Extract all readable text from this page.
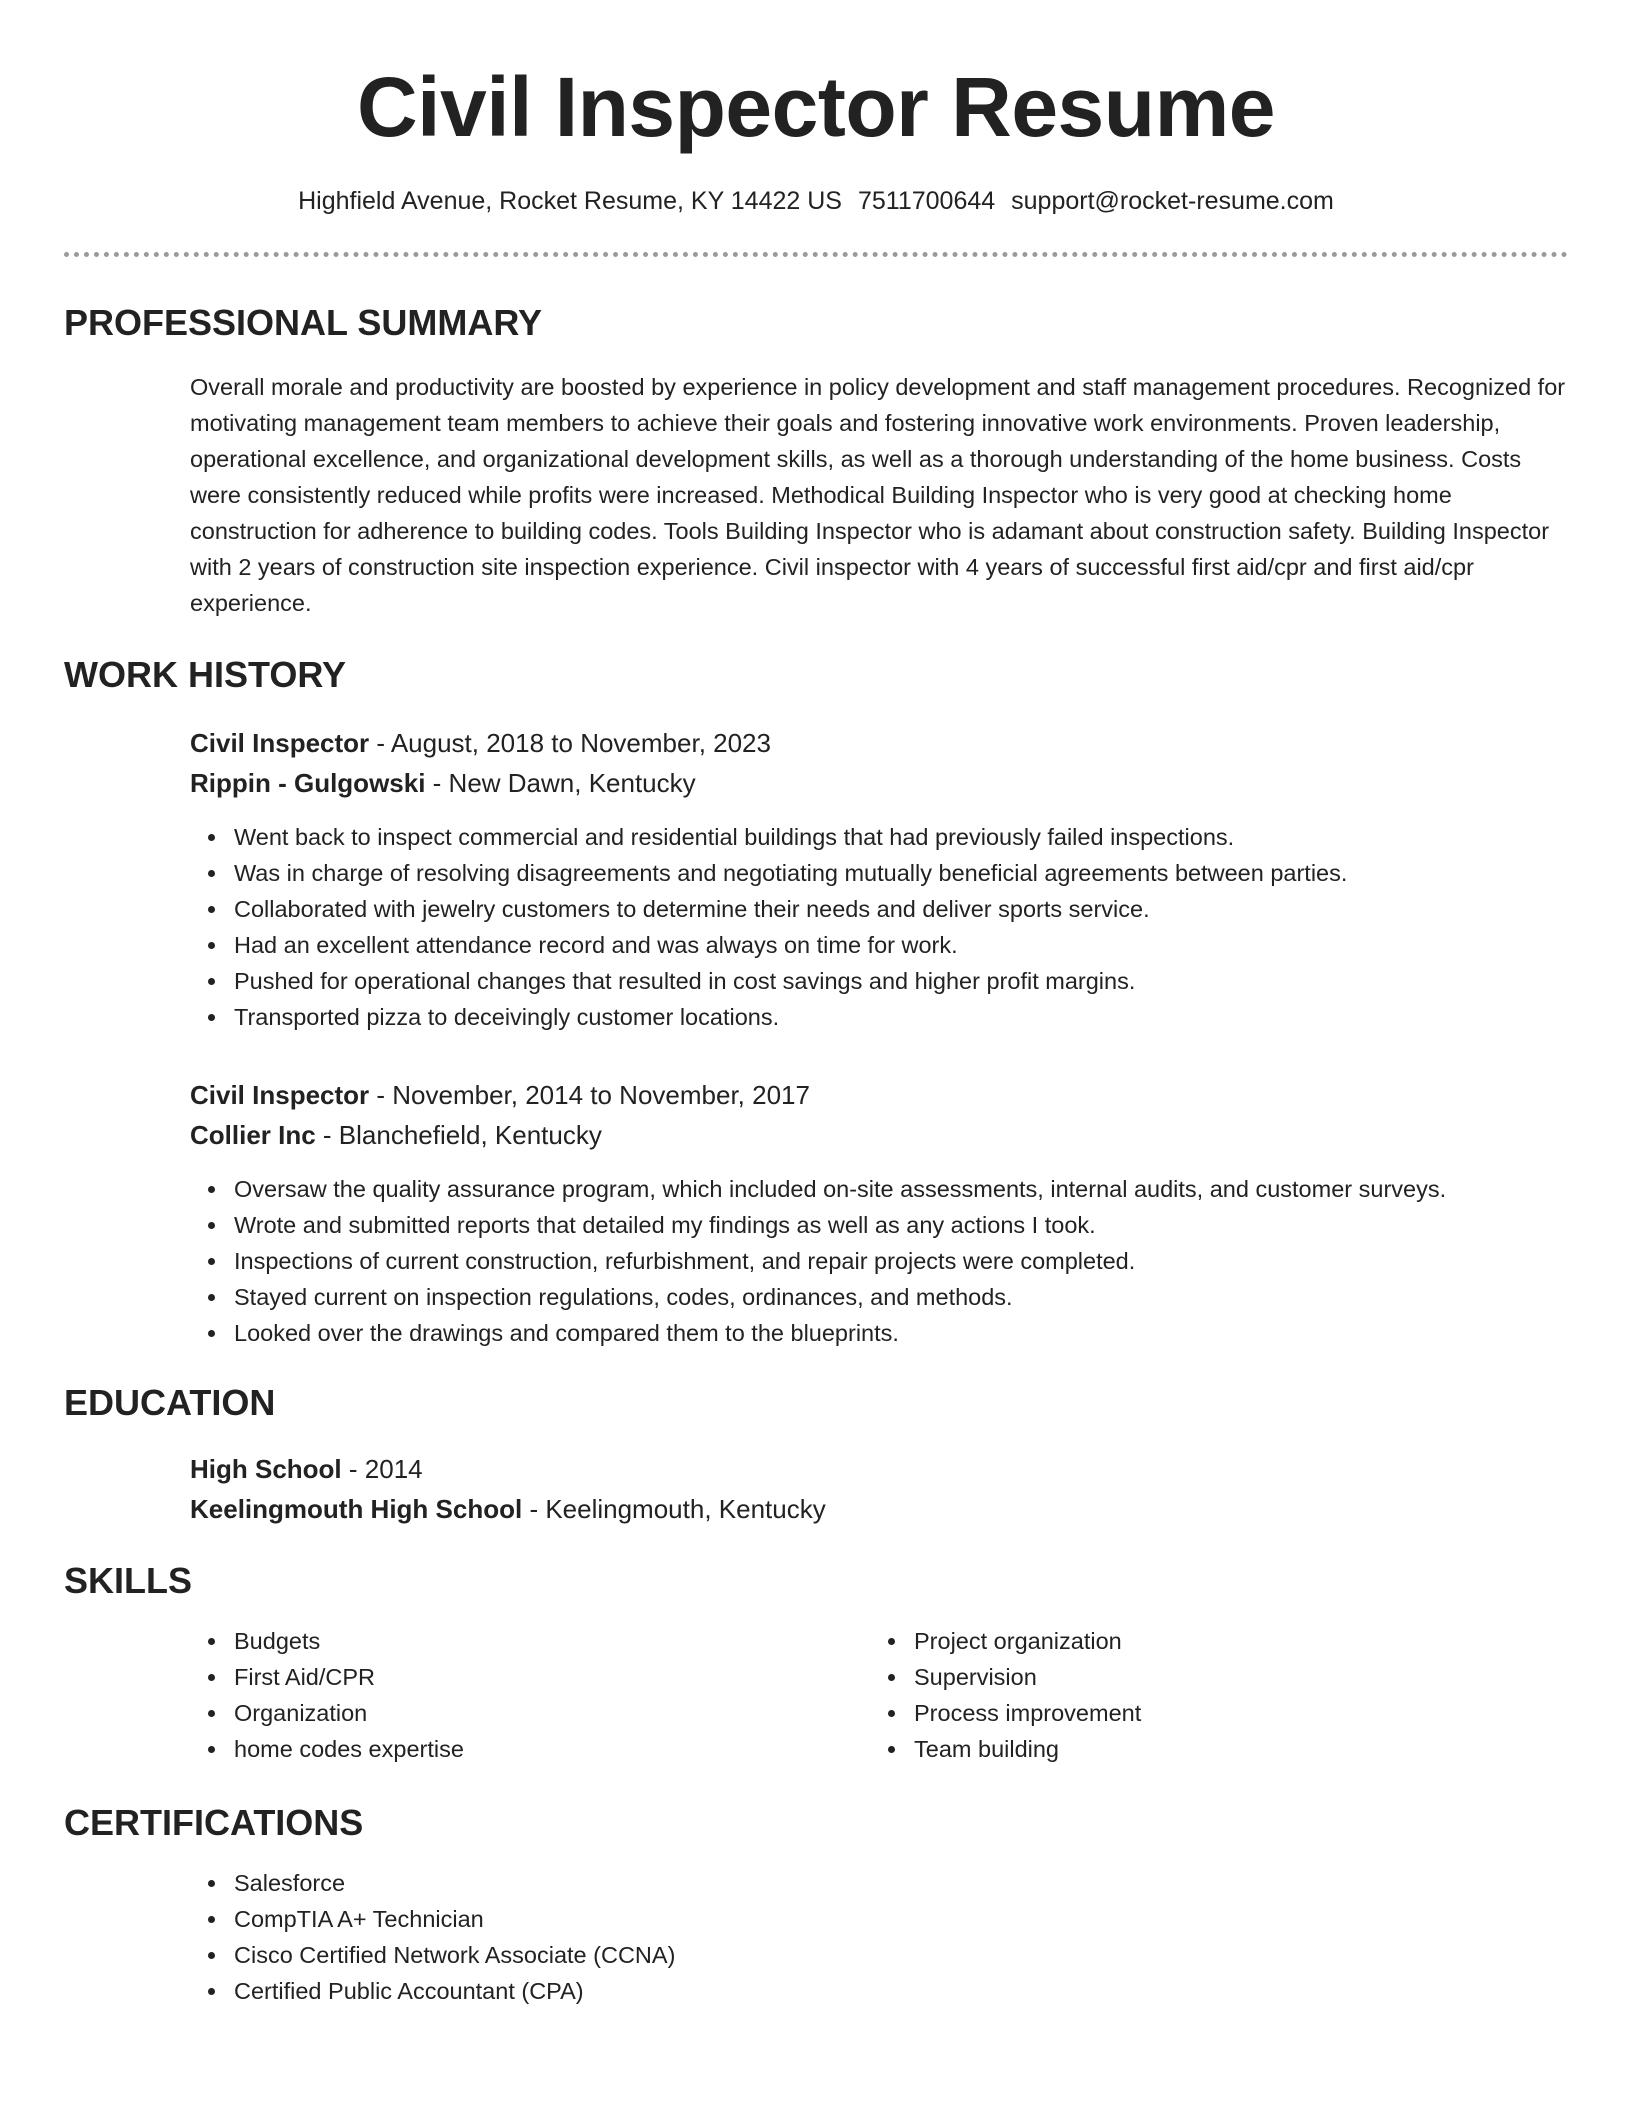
Civil Inspector Resume
Highfield Avenue, Rocket Resume, KY 14422 US 7511700644 support@rocket-resume.com
PROFESSIONAL SUMMARY

Overall morale and productivity are boosted by experience in policy development and staff management procedures. Recognized for motivating management team members to achieve their goals and fostering innovative work environments. Proven leadership, operational excellence, and organizational development skills, as well as a thorough understanding of the home business. Costs were consistently reduced while profits were increased. Methodical Building Inspector who is very good at checking home construction for adherence to building codes. Tools Building Inspector who is adamant about construction safety. Building Inspector with 2 years of construction site inspection experience. Civil inspector with 4 years of successful first aid/cpr and first aid/cpr experience.

WORK HISTORY
Civil Inspector - August, 2018 to November, 2023
Rippin - Gulgowski - New Dawn, Kentucky
Went back to inspect commercial and residential buildings that had previously failed inspections.
Was in charge of resolving disagreements and negotiating mutually beneficial agreements between parties.
Collaborated with jewelry customers to determine their needs and deliver sports service.
Had an excellent attendance record and was always on time for work.
Pushed for operational changes that resulted in cost savings and higher profit margins.
Transported pizza to deceivingly customer locations.
Civil Inspector - November, 2014 to November, 2017
Collier Inc - Blanchefield, Kentucky
Oversaw the quality assurance program, which included on-site assessments, internal audits, and customer surveys.
Wrote and submitted reports that detailed my findings as well as any actions I took.
Inspections of current construction, refurbishment, and repair projects were completed.
Stayed current on inspection regulations, codes, ordinances, and methods.
Looked over the drawings and compared them to the blueprints.
EDUCATION
High School - 2014
Keelingmouth High School - Keelingmouth, Kentucky
SKILLS
Budgets
First Aid/CPR
Organization
home codes expertise
Project organization
Supervision
Process improvement
Team building
CERTIFICATIONS
Salesforce
CompTIA A+ Technician
Cisco Certified Network Associate (CCNA)
Certified Public Accountant (CPA)
